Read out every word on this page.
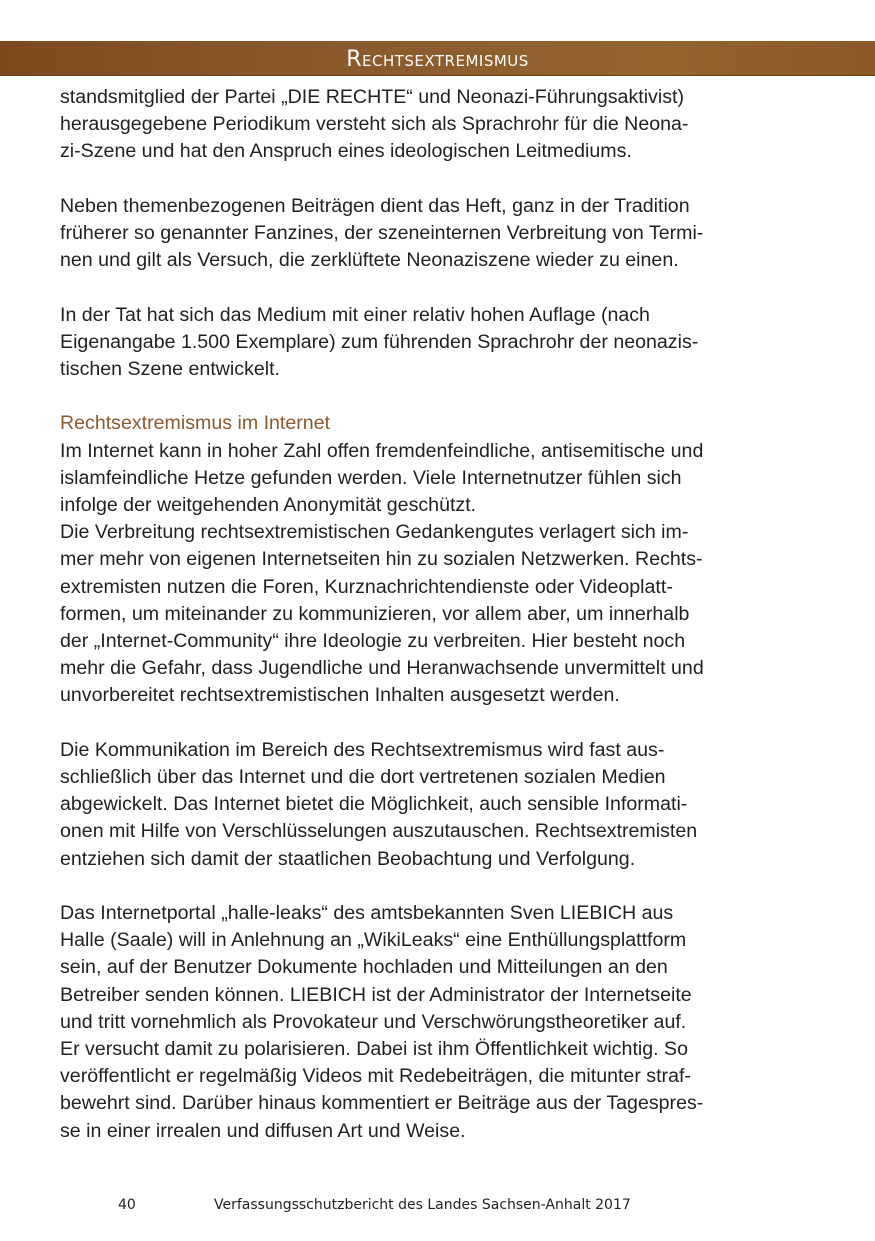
Rechtsextremismus

standsmitglied der Partei „DIE RECHTE“ und Neonazi-Führungsaktivist)
herausgegebene Periodikum versteht sich als Sprachrohr für die Neona-
zi-Szene und hat den Anspruch eines ideologischen Leitmediums.

Neben themenbezogenen Beiträgen dient das Heft, ganz in der Tradition
früherer so genannter Fanzines, der szeneinternen Verbreitung von Termi-
nen und gilt als Versuch, die zerklüftete Neonaziszene wieder zu einen.

In der Tat hat sich das Medium mit einer relativ hohen Auflage (nach
Eigenangabe 1.500 Exemplare) zum führenden Sprachrohr der neonazis-
tischen Szene entwickelt.

Rechtsextremismus im Internet

Im Internet kann in hoher Zahl offen fremdenfeindliche, antisemitische und
islamfeindliche Hetze gefunden werden. Viele Internetnutzer fühlen sich
infolge der weitgehenden Anonymität geschützt.
Die Verbreitung rechtsextremistischen Gedankengutes verlagert sich im-
mer mehr von eigenen Internetseiten hin zu sozialen Netzwerken. Rechts-
extremisten nutzen die Foren, Kurznachrichtendienste oder Videoplatt-
formen, um miteinander zu kommunizieren, vor allem aber, um innerhalb
der „Internet-Community“ ihre Ideologie zu verbreiten. Hier besteht noch
mehr die Gefahr, dass Jugendliche und Heranwachsende unvermittelt und
unvorbereitet rechtsextremistischen Inhalten ausgesetzt werden.

Die Kommunikation im Bereich des Rechtsextremismus wird fast aus-
schließlich über das Internet und die dort vertretenen sozialen Medien
abgewickelt. Das Internet bietet die Möglichkeit, auch sensible Informati-
onen mit Hilfe von Verschlüsselungen auszutauschen. Rechtsextremisten
entziehen sich damit der staatlichen Beobachtung und Verfolgung.

Das Internetportal „halle-leaks“ des amtsbekannten Sven LIEBICH aus
Halle (Saale) will in Anlehnung an „WikiLeaks“ eine Enthüllungsplattform
sein, auf der Benutzer Dokumente hochladen und Mitteilungen an den
Betreiber senden können. LIEBICH ist der Administrator der Internetseite
und tritt vornehmlich als Provokateur und Verschwörungstheoretiker auf.
Er versucht damit zu polarisieren. Dabei ist ihm Öffentlichkeit wichtig. So
veröffentlicht er regelmäßig Videos mit Redebeiträgen, die mitunter straf-
bewehrt sind. Darüber hinaus kommentiert er Beiträge aus der Tagespres-
se in einer irrealen und diffusen Art und Weise.

40	Verfassungsschutzbericht des Landes Sachsen-Anhalt 2017
